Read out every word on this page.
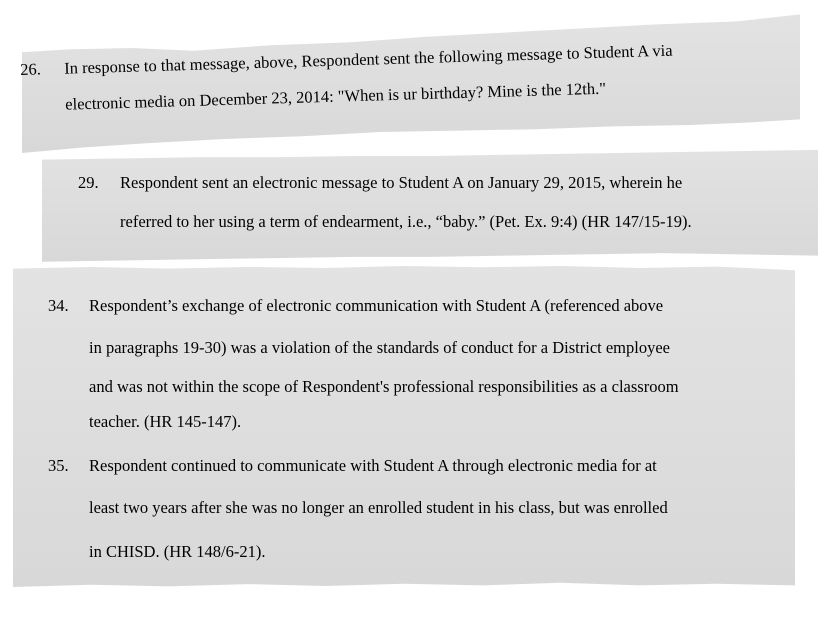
26. In response to that message, above, Respondent sent the following message to Student A via
electronic media on December 23, 2014: "When is ur birthday? Mine is the 12th."
29. Respondent sent an electronic message to Student A on January 29, 2015, wherein he
referred to her using a term of endearment, i.e., “baby.” (Pet. Ex. 9:4) (HR 147/15-19).
34. Respondent’s exchange of electronic communication with Student A (referenced above
in paragraphs 19-30) was a violation of the standards of conduct for a District employee
and was not within the scope of Respondent's professional responsibilities as a classroom
teacher. (HR 145-147).
35. Respondent continued to communicate with Student A through electronic media for at
least two years after she was no longer an enrolled student in his class, but was enrolled
in CHISD. (HR 148/6-21).
